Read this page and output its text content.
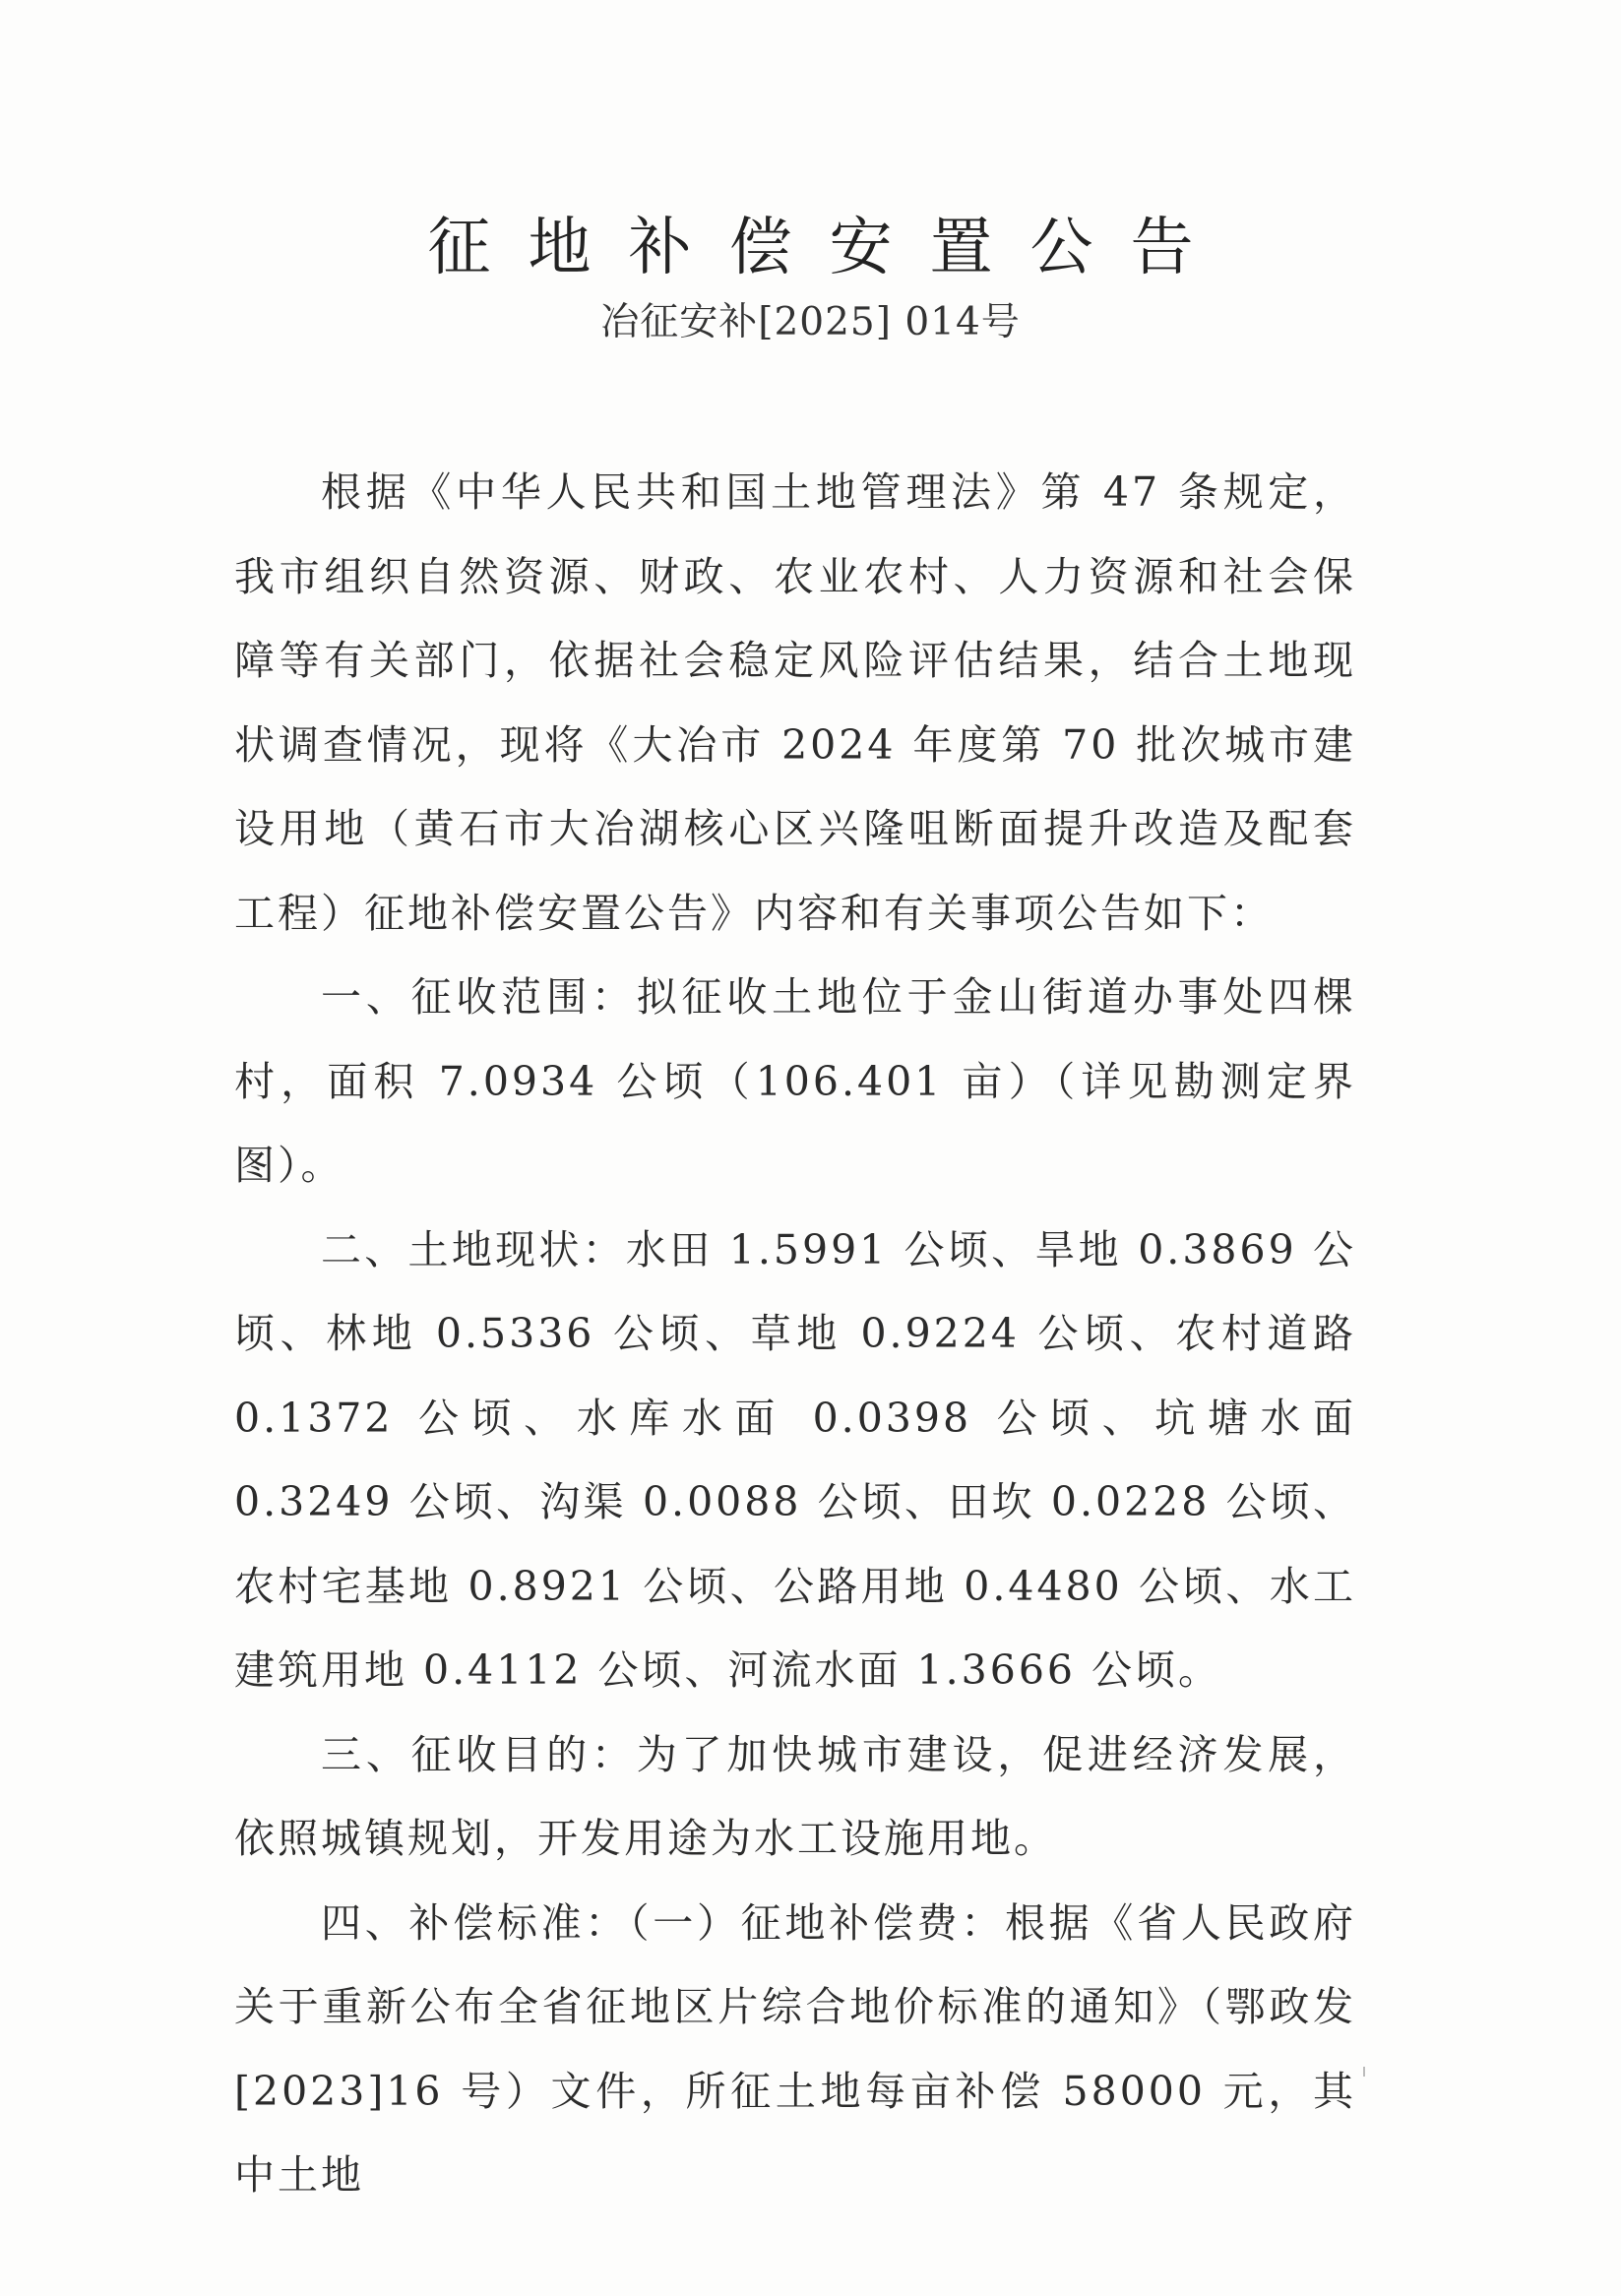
征地补偿安置公告
冶征安补[2025] 014号

根据《中华人民共和国土地管理法》第 47 条规定，我市组织自然资源、财政、农业农村、人力资源和社会保障等有关部门，依据社会稳定风险评估结果，结合土地现状调查情况，现将《大冶市 2024 年度第 70 批次城市建设用地（黄石市大冶湖核心区兴隆咀断面提升改造及配套工程）征地补偿安置公告》内容和有关事项公告如下：

一、征收范围：拟征收土地位于金山街道办事处四棵村，面积 7.0934 公顷（106.401 亩）（详见勘测定界图）。

二、土地现状：水田 1.5991 公顷、旱地 0.3869 公顷、林地 0.5336 公顷、草地 0.9224 公顷、农村道路 0.1372 公顷、水库水面 0.0398 公顷、坑塘水面 0.3249 公顷、沟渠 0.0088 公顷、田坎 0.0228 公顷、农村宅基地 0.8921 公顷、公路用地 0.4480 公顷、水工建筑用地 0.4112 公顷、河流水面 1.3666 公顷。

三、征收目的：为了加快城市建设，促进经济发展，依照城镇规划，开发用途为水工设施用地。

四、补偿标准：（一）征地补偿费：根据《省人民政府关于重新公布全省征地区片综合地价标准的通知》（鄂政发[2023]16 号）文件，所征土地每亩补偿 58000 元，其中土地
